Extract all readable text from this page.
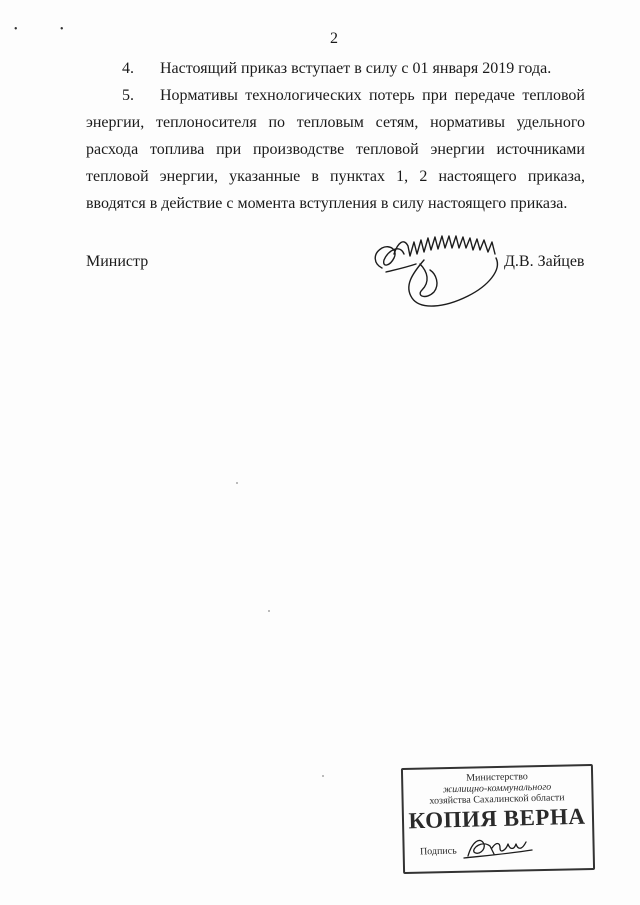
• •
2
4. Настоящий приказ вступает в силу с 01 января 2019 года.
5. Нормативы технологических потерь при передаче тепловой энергии, теплоносителя по тепловым сетям, нормативы удельного расхода топлива при производстве тепловой энергии источниками тепловой энергии, указанные в пунктах 1, 2 настоящего приказа, вводятся в действие с момента вступления в силу настоящего приказа.
Министр	Д.В. Зайцев
Министерство
жилищно-коммунального
хозяйства Сахалинской области
КОПИЯ ВЕРНА
Подпись
